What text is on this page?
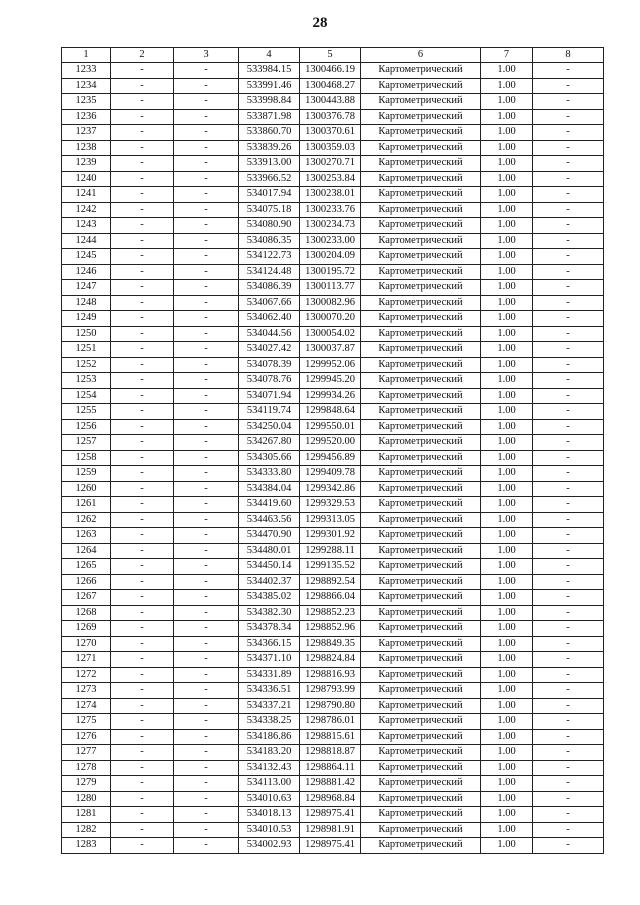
28
1	2	3	4	5	6	7	8
1233	-	-	533984.15	1300466.19	Картометрический	1.00	-
1234	-	-	533991.46	1300468.27	Картометрический	1.00	-
1235	-	-	533998.84	1300443.88	Картометрический	1.00	-
1236	-	-	533871.98	1300376.78	Картометрический	1.00	-
1237	-	-	533860.70	1300370.61	Картометрический	1.00	-
1238	-	-	533839.26	1300359.03	Картометрический	1.00	-
1239	-	-	533913.00	1300270.71	Картометрический	1.00	-
1240	-	-	533966.52	1300253.84	Картометрический	1.00	-
1241	-	-	534017.94	1300238.01	Картометрический	1.00	-
1242	-	-	534075.18	1300233.76	Картометрический	1.00	-
1243	-	-	534080.90	1300234.73	Картометрический	1.00	-
1244	-	-	534086.35	1300233.00	Картометрический	1.00	-
1245	-	-	534122.73	1300204.09	Картометрический	1.00	-
1246	-	-	534124.48	1300195.72	Картометрический	1.00	-
1247	-	-	534086.39	1300113.77	Картометрический	1.00	-
1248	-	-	534067.66	1300082.96	Картометрический	1.00	-
1249	-	-	534062.40	1300070.20	Картометрический	1.00	-
1250	-	-	534044.56	1300054.02	Картометрический	1.00	-
1251	-	-	534027.42	1300037.87	Картометрический	1.00	-
1252	-	-	534078.39	1299952.06	Картометрический	1.00	-
1253	-	-	534078.76	1299945.20	Картометрический	1.00	-
1254	-	-	534071.94	1299934.26	Картометрический	1.00	-
1255	-	-	534119.74	1299848.64	Картометрический	1.00	-
1256	-	-	534250.04	1299550.01	Картометрический	1.00	-
1257	-	-	534267.80	1299520.00	Картометрический	1.00	-
1258	-	-	534305.66	1299456.89	Картометрический	1.00	-
1259	-	-	534333.80	1299409.78	Картометрический	1.00	-
1260	-	-	534384.04	1299342.86	Картометрический	1.00	-
1261	-	-	534419.60	1299329.53	Картометрический	1.00	-
1262	-	-	534463.56	1299313.05	Картометрический	1.00	-
1263	-	-	534470.90	1299301.92	Картометрический	1.00	-
1264	-	-	534480.01	1299288.11	Картометрический	1.00	-
1265	-	-	534450.14	1299135.52	Картометрический	1.00	-
1266	-	-	534402.37	1298892.54	Картометрический	1.00	-
1267	-	-	534385.02	1298866.04	Картометрический	1.00	-
1268	-	-	534382.30	1298852.23	Картометрический	1.00	-
1269	-	-	534378.34	1298852.96	Картометрический	1.00	-
1270	-	-	534366.15	1298849.35	Картометрический	1.00	-
1271	-	-	534371.10	1298824.84	Картометрический	1.00	-
1272	-	-	534331.89	1298816.93	Картометрический	1.00	-
1273	-	-	534336.51	1298793.99	Картометрический	1.00	-
1274	-	-	534337.21	1298790.80	Картометрический	1.00	-
1275	-	-	534338.25	1298786.01	Картометрический	1.00	-
1276	-	-	534186.86	1298815.61	Картометрический	1.00	-
1277	-	-	534183.20	1298818.87	Картометрический	1.00	-
1278	-	-	534132.43	1298864.11	Картометрический	1.00	-
1279	-	-	534113.00	1298881.42	Картометрический	1.00	-
1280	-	-	534010.63	1298968.84	Картометрический	1.00	-
1281	-	-	534018.13	1298975.41	Картометрический	1.00	-
1282	-	-	534010.53	1298981.91	Картометрический	1.00	-
1283	-	-	534002.93	1298975.41	Картометрический	1.00	-
